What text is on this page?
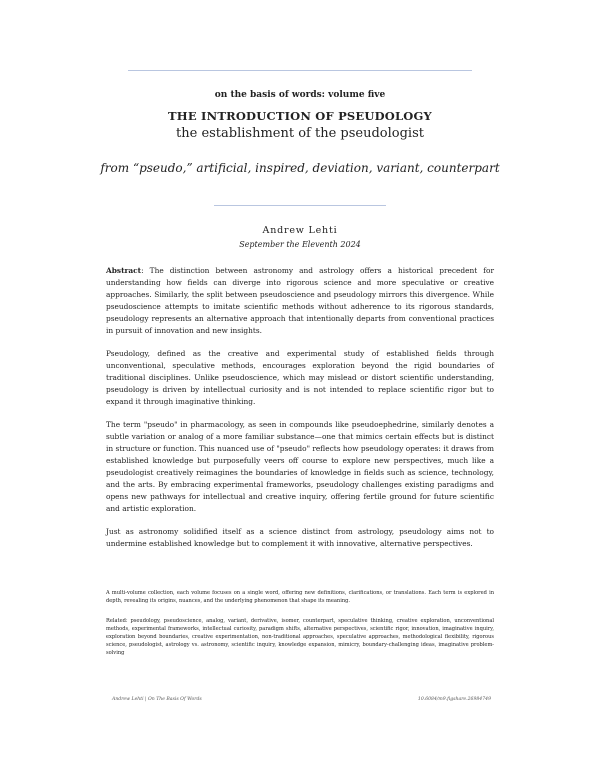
on the basis of words: volume five
THE INTRODUCTION OF PSEUDOLOGY
the establishment of the pseudologist
from “pseudo,” artificial, inspired, deviation, variant, counterpart
Andrew Lehti
September the Eleventh 2024

Abstract: The distinction between astronomy and astrology offers a historical precedent for understanding how fields can diverge into rigorous science and more speculative or creative approaches. Similarly, the split between pseudoscience and pseudology mirrors this divergence. While pseudoscience attempts to imitate scientific methods without adherence to its rigorous standards, pseudology represents an alternative approach that intentionally departs from conventional practices in pursuit of innovation and new insights.

Pseudology, defined as the creative and experimental study of established fields through unconventional, speculative methods, encourages exploration beyond the rigid boundaries of traditional disciplines. Unlike pseudoscience, which may mislead or distort scientific understanding, pseudology is driven by intellectual curiosity and is not intended to replace scientific rigor but to expand it through imaginative thinking.

The term "pseudo" in pharmacology, as seen in compounds like pseudoephedrine, similarly denotes a subtle variation or analog of a more familiar substance—one that mimics certain effects but is distinct in structure or function. This nuanced use of "pseudo" reflects how pseudology operates: it draws from established knowledge but purposefully veers off course to explore new perspectives, much like a pseudologist creatively reimagines the boundaries of knowledge in fields such as science, technology, and the arts. By embracing experimental frameworks, pseudology challenges existing paradigms and opens new pathways for intellectual and creative inquiry, offering fertile ground for future scientific and artistic exploration.

Just as astronomy solidified itself as a science distinct from astrology, pseudology aims not to undermine established knowledge but to complement it with innovative, alternative perspectives.

A multi-volume collection, each volume focuses on a single word, offering new definitions, clarifications, or translations. Each term is explored in depth, revealing its origins, nuances, and the underlying phenomenon that shape its meaning.
Related: pseudology, pseudoscience, analog, variant, derivative, isomer, counterpart, speculative thinking, creative exploration, unconventional methods, experimental frameworks, intellectual curiosity, paradigm shifts, alternative perspectives, scientific rigor, innovation, imaginative inquiry, exploration beyond boundaries, creative experimentation, non-traditional approaches, speculative approaches, methodological flexibility, rigorous science, pseudologist, astrology vs. astronomy, scientific inquiry, knowledge expansion, mimicry, boundary-challenging ideas, imaginative problem-solving
Andrew Lehti | On The Basis Of Words	10.6084/m9.figshare.26984749
